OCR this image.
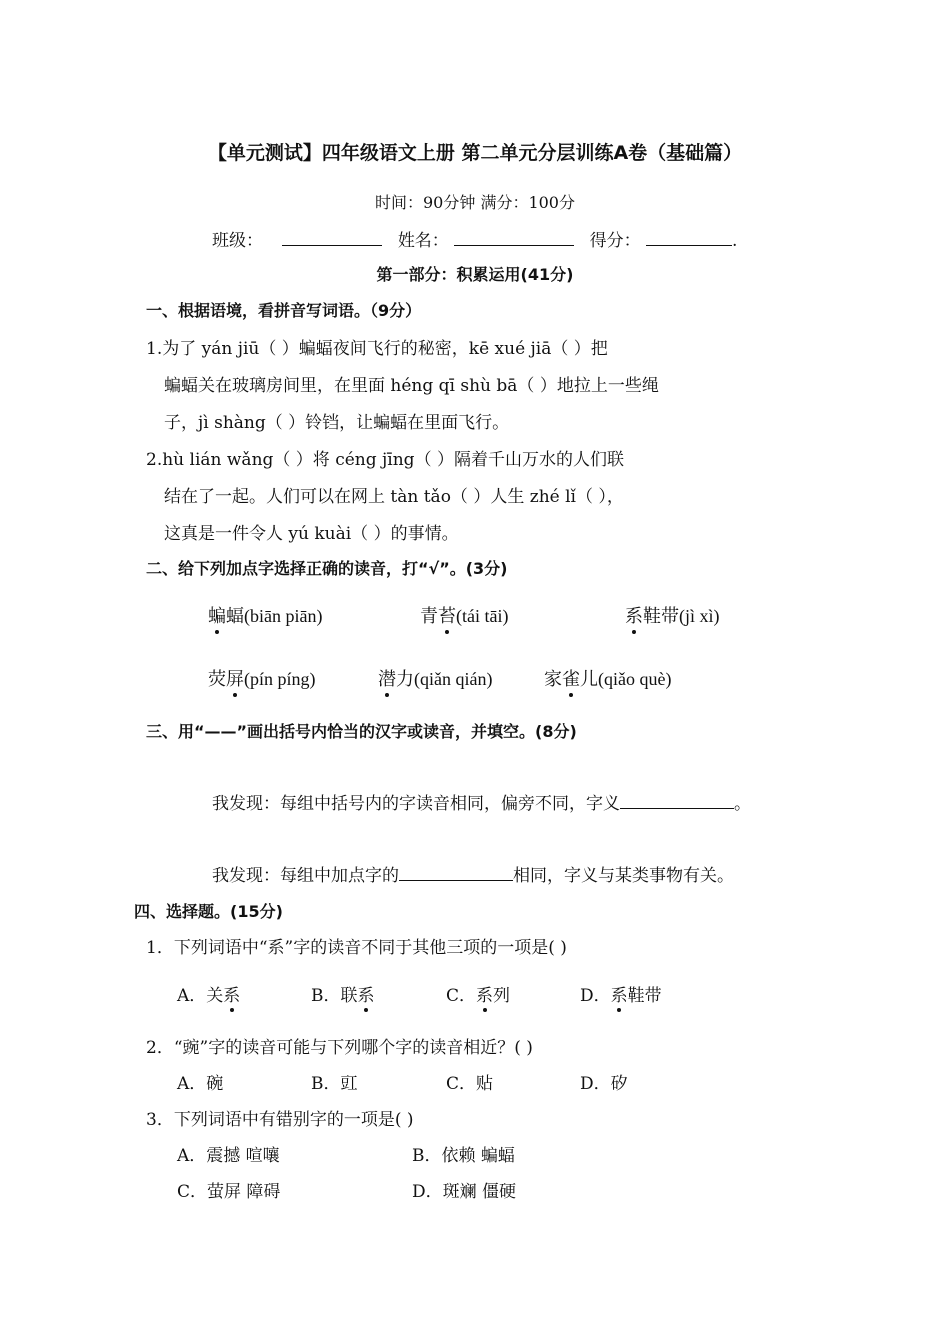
【单元测试】四年级语文上册 第二单元分层训练A卷（基础篇）
时间：90分钟 满分：100分
班级：	姓名：	得分：	.
第一部分：积累运用(41分)
一、根据语境，看拼音写词语。（9分）
1.为了 yán jiū（ ）蝙蝠夜间飞行的秘密，kē xué jiā（ ）把
蝙蝠关在玻璃房间里，在里面 héng qī shù bā（ ）地拉上一些绳
子，jì shàng（ ）铃铛，让蝙蝠在里面飞行。
2.hù lián wǎng（ ）将 céng jīng（ ）隔着千山万水的人们联
结在了一起。人们可以在网上 tàn tǎo（ ）人生 zhé lǐ（ ），
这真是一件令人 yú kuài（ ）的事情。
二、给下列加点字选择正确的读音，打“√”。(3分)
蝙蝠(biān piān)	青苔(tái tāi)	系鞋带(jì xì)
荧屏(pín píng)	潜力(qiǎn qián)	家雀儿(qiǎo què)
三、用“——”画出括号内恰当的汉字或读音，并填空。(8分)
我发现：每组中括号内的字读音相同，偏旁不同，字义	。
我发现：每组中加点字的	相同，字义与某类事物有关。
四、选择题。(15分)
1．下列词语中“系”字的读音不同于其他三项的一项是( )
A．关系	B．联系	C．系列	D．系鞋带
2．“豌”字的读音可能与下列哪个字的读音相近？( )
A．碗	B．豇	C．贴	D．矽
3．下列词语中有错别字的一项是( )
A．震撼 喧嚷	B．依赖 蝙蝠
C．萤屏 障碍	D．斑斓 僵硬
